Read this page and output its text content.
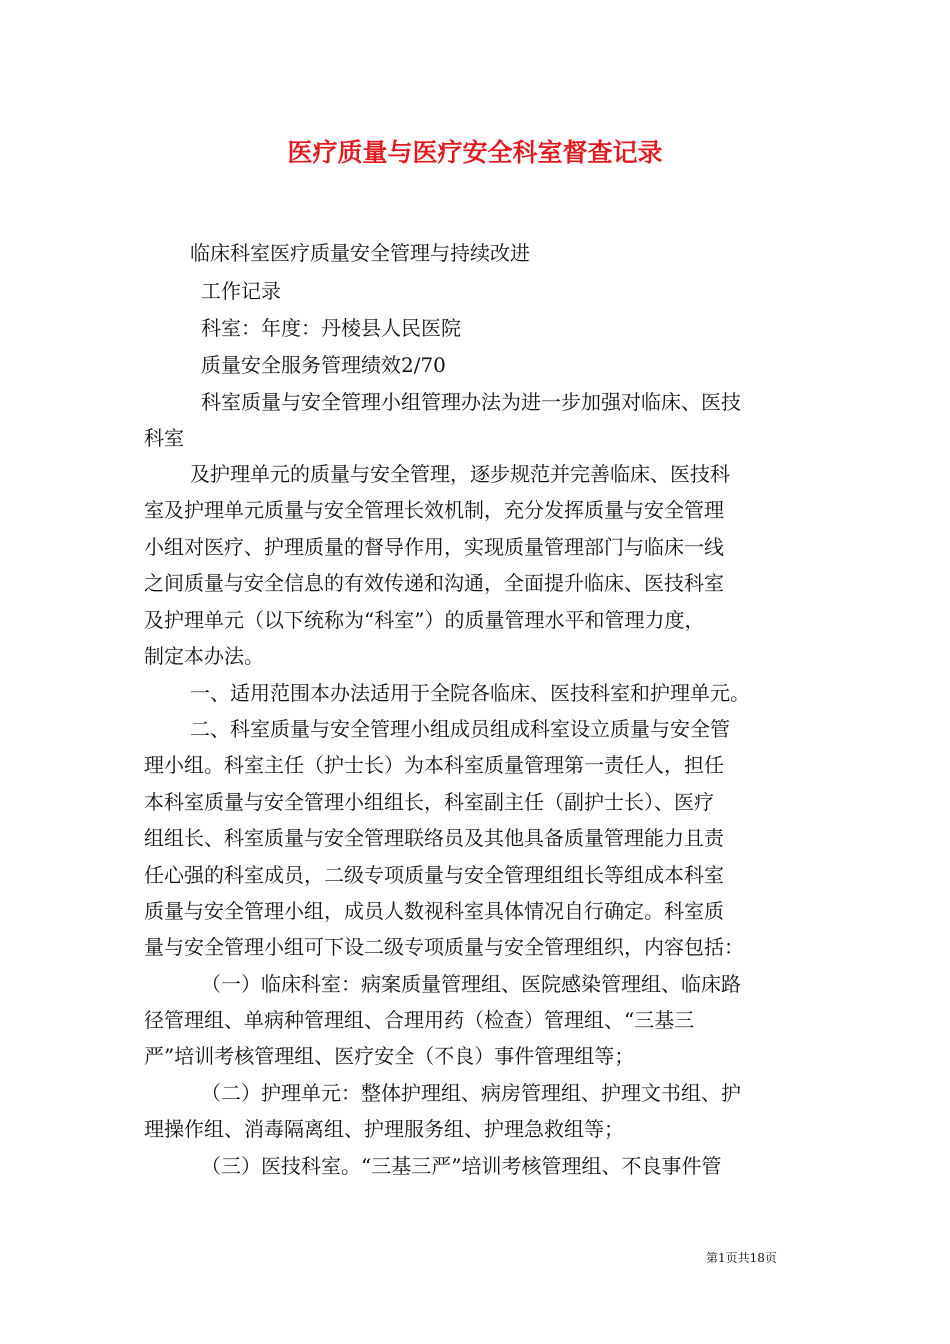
医疗质量与医疗安全科室督查记录
临床科室医疗质量安全管理与持续改进
工作记录
科室：年度：丹棱县人民医院
质量安全服务管理绩效2/70
科室质量与安全管理小组管理办法为进一步加强对临床、医技
科室
及护理单元的质量与安全管理，逐步规范并完善临床、医技科
室及护理单元质量与安全管理长效机制，充分发挥质量与安全管理
小组对医疗、护理质量的督导作用，实现质量管理部门与临床一线
之间质量与安全信息的有效传递和沟通，全面提升临床、医技科室
及护理单元（以下统称为“科室”）的质量管理水平和管理力度，
制定本办法。
一、适用范围本办法适用于全院各临床、医技科室和护理单元。
二、科室质量与安全管理小组成员组成科室设立质量与安全管
理小组。科室主任（护士长）为本科室质量管理第一责任人，担任
本科室质量与安全管理小组组长，科室副主任（副护士长）、医疗
组组长、科室质量与安全管理联络员及其他具备质量管理能力且责
任心强的科室成员，二级专项质量与安全管理组组长等组成本科室
质量与安全管理小组，成员人数视科室具体情况自行确定。科室质
量与安全管理小组可下设二级专项质量与安全管理组织，内容包括：
（一）临床科室：病案质量管理组、医院感染管理组、临床路
径管理组、单病种管理组、合理用药（检查）管理组、“三基三
严”培训考核管理组、医疗安全（不良）事件管理组等；
（二）护理单元：整体护理组、病房管理组、护理文书组、护
理操作组、消毒隔离组、护理服务组、护理急救组等；
（三）医技科室。“三基三严”培训考核管理组、不良事件管
第1页共18页
